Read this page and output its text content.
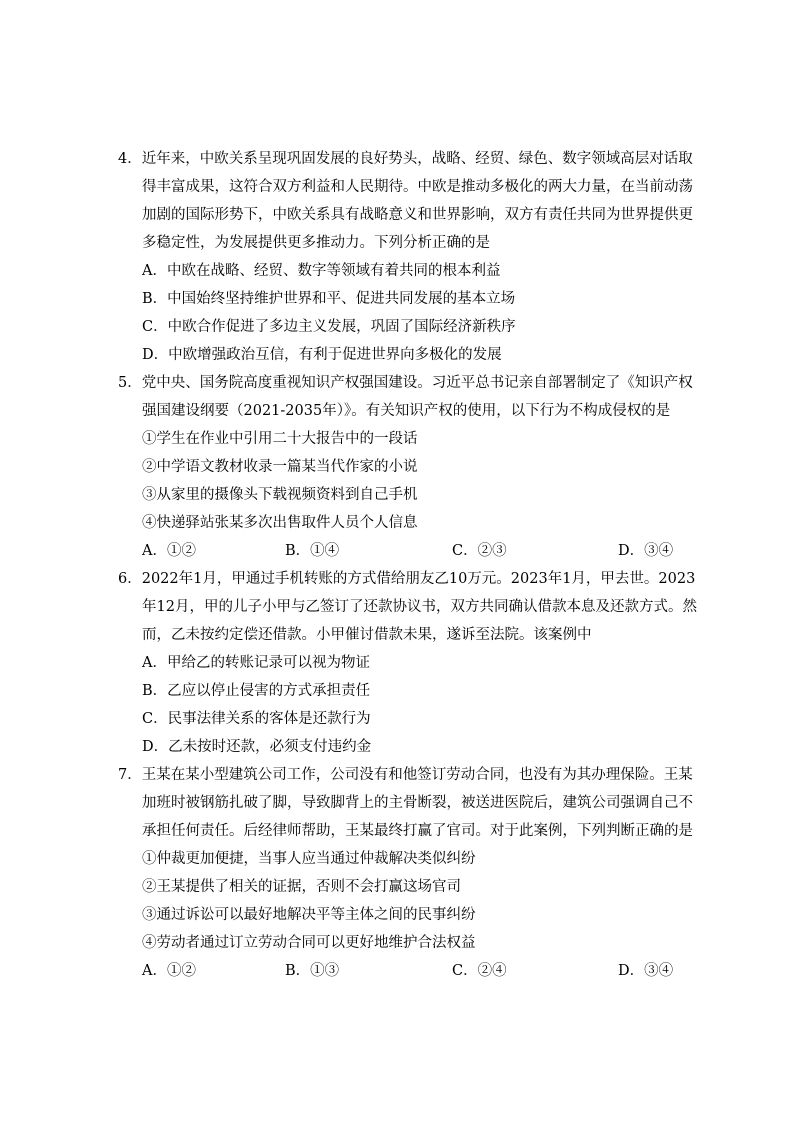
4．近年来，中欧关系呈现巩固发展的良好势头，战略、经贸、绿色、数字领域高层对话取
得丰富成果，这符合双方利益和人民期待。中欧是推动多极化的两大力量，在当前动荡
加剧的国际形势下，中欧关系具有战略意义和世界影响，双方有责任共同为世界提供更
多稳定性，为发展提供更多推动力。下列分析正确的是
A．中欧在战略、经贸、数字等领域有着共同的根本利益
B．中国始终坚持维护世界和平、促进共同发展的基本立场
C．中欧合作促进了多边主义发展，巩固了国际经济新秩序
D．中欧增强政治互信，有利于促进世界向多极化的发展
5．党中央、国务院高度重视知识产权强国建设。习近平总书记亲自部署制定了《知识产权
强国建设纲要（2021-2035年）》。有关知识产权的使用，以下行为不构成侵权的是
①学生在作业中引用二十大报告中的一段话
②中学语文教材收录一篇某当代作家的小说
③从家里的摄像头下载视频资料到自己手机
④快递驿站张某多次出售取件人员个人信息
A．①②	B．①④	C．②③	D．③④
6．2022年1月，甲通过手机转账的方式借给朋友乙10万元。2023年1月，甲去世。2023
年12月，甲的儿子小甲与乙签订了还款协议书，双方共同确认借款本息及还款方式。然
而，乙未按约定偿还借款。小甲催讨借款未果，遂诉至法院。该案例中
A．甲给乙的转账记录可以视为物证
B．乙应以停止侵害的方式承担责任
C．民事法律关系的客体是还款行为
D．乙未按时还款，必须支付违约金
7．王某在某小型建筑公司工作，公司没有和他签订劳动合同，也没有为其办理保险。王某
加班时被钢筋扎破了脚，导致脚背上的主骨断裂，被送进医院后，建筑公司强调自己不
承担任何责任。后经律师帮助，王某最终打赢了官司。对于此案例，下列判断正确的是
①仲裁更加便捷，当事人应当通过仲裁解决类似纠纷
②王某提供了相关的证据，否则不会打赢这场官司
③通过诉讼可以最好地解决平等主体之间的民事纠纷
④劳动者通过订立劳动合同可以更好地维护合法权益
A．①②	B．①③	C．②④	D．③④
